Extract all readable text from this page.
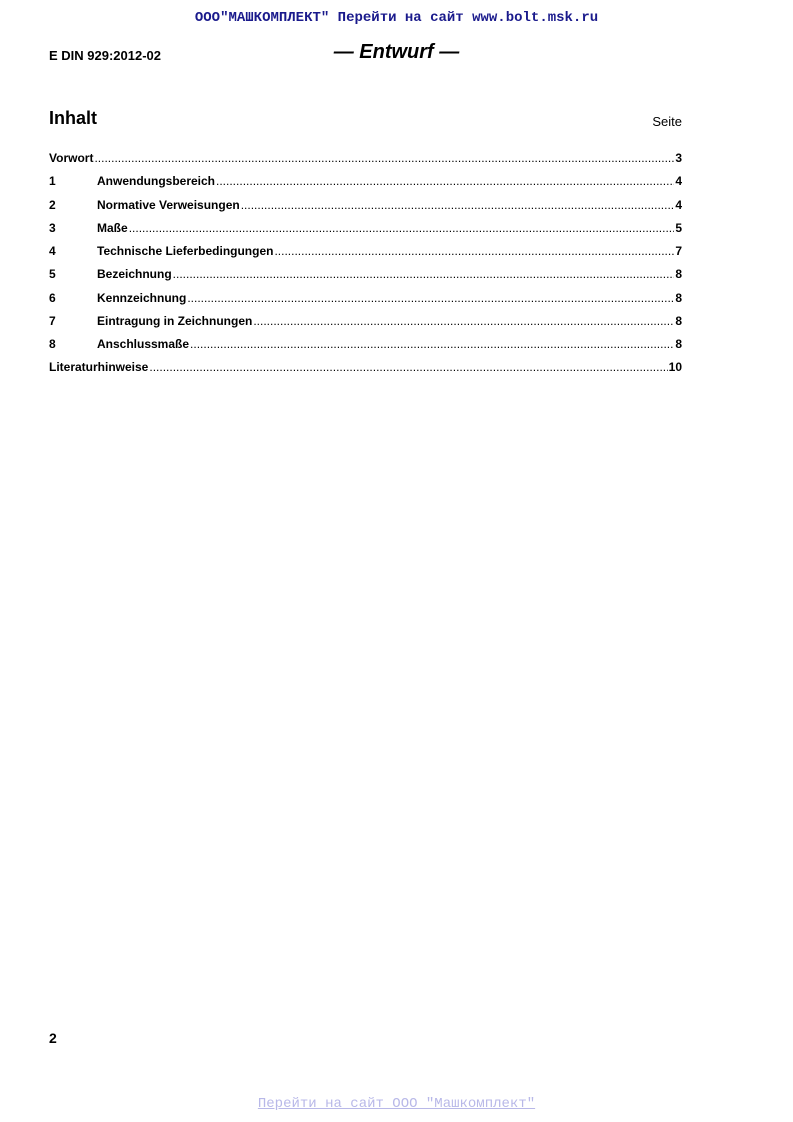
ООО"МАШКОМПЛЕКТ" Перейти на сайт www.bolt.msk.ru
E DIN 929:2012-02	— Entwurf —
Inhalt	Seite
Vorwort .....	3
1	Anwendungsbereich .....	4
2	Normative Verweisungen .....	4
3	Maße .....	5
4	Technische Lieferbedingungen .....	7
5	Bezeichnung .....	8
6	Kennzeichnung .....	8
7	Eintragung in Zeichnungen .....	8
8	Anschlussmaße .....	8
Literaturhinweise .....	10
2
Перейти на сайт ООО "Машкомплект"
